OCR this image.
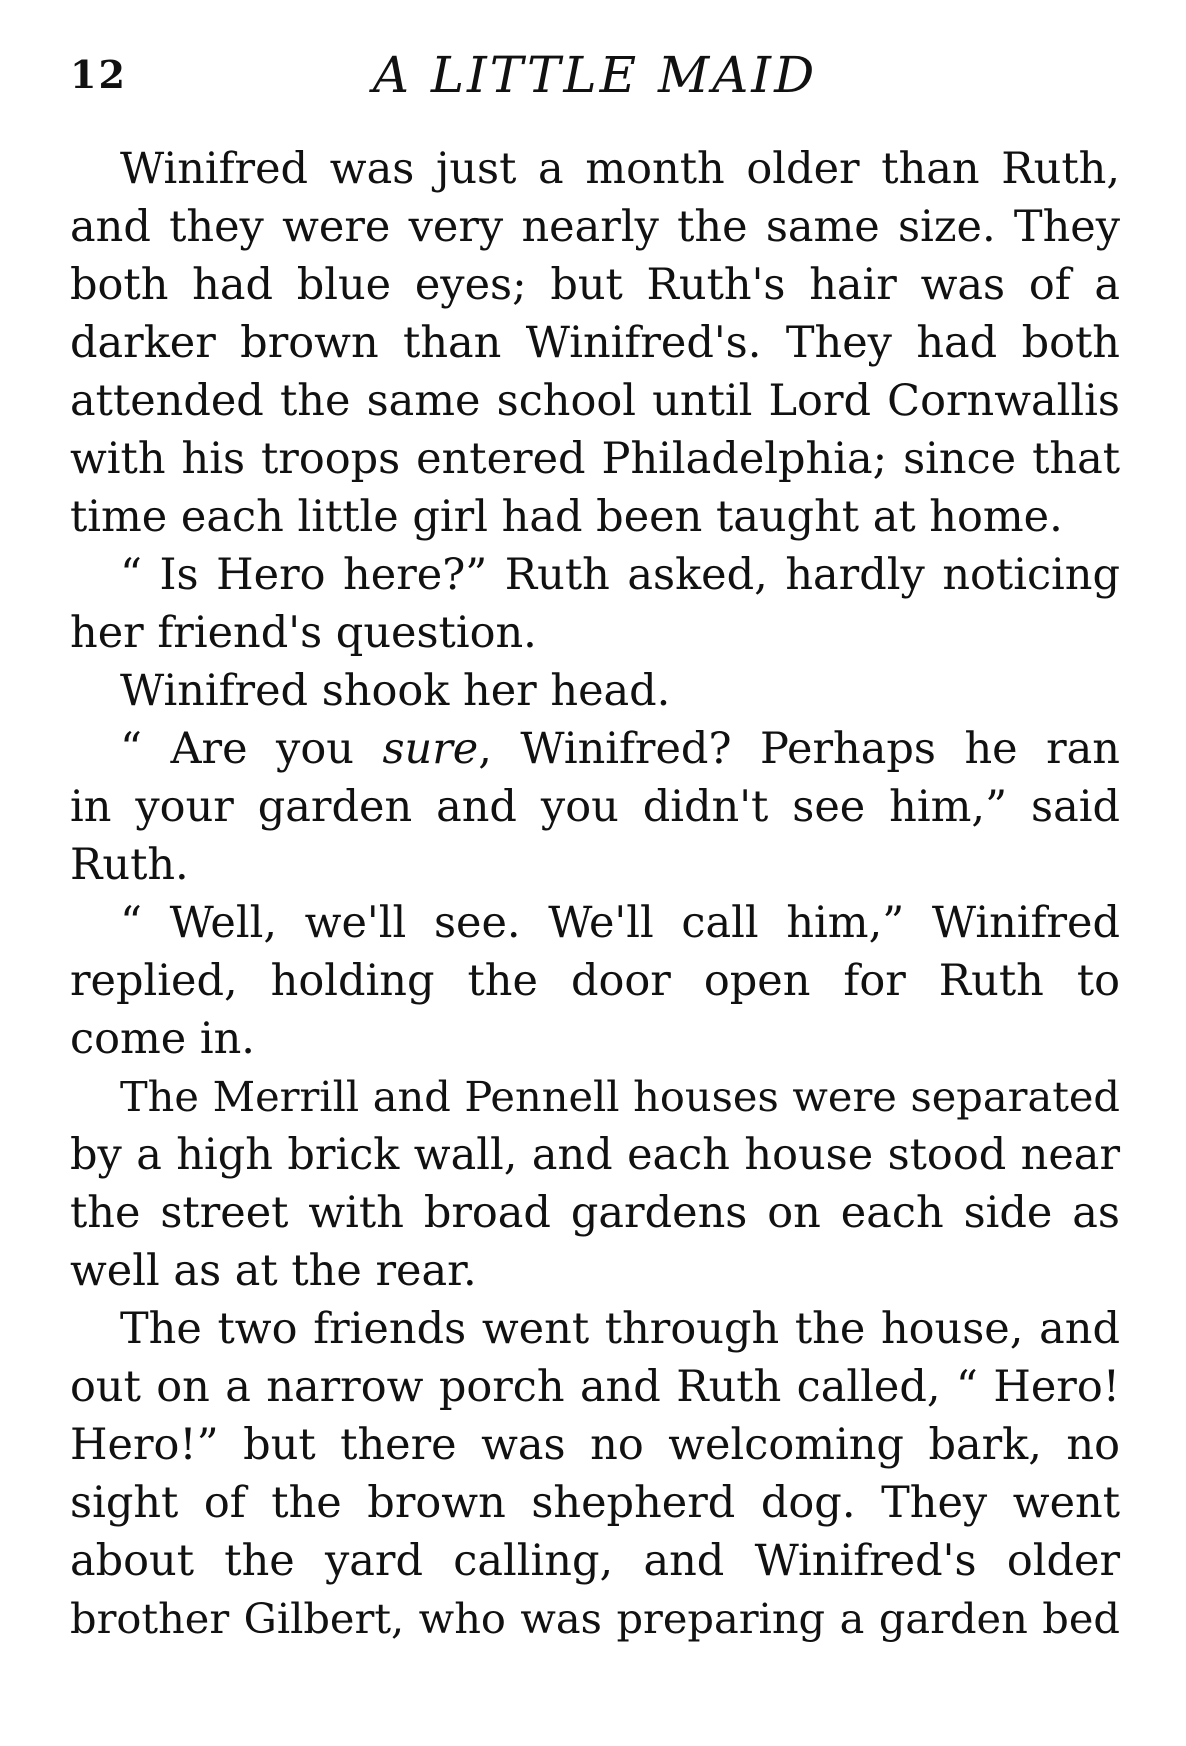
12	A LITTLE MAID
Winifred was just a month older than Ruth,
and they were very nearly the same size. They
both had blue eyes; but Ruth's hair was of a
darker brown than Winifred's. They had both
attended the same school until Lord Cornwallis
with his troops entered Philadelphia; since that
time each little girl had been taught at home.
“ Is Hero here?” Ruth asked, hardly noticing
her friend's question.
Winifred shook her head.
“ Are you sure, Winifred? Perhaps he ran
in your garden and you didn't see him,” said
Ruth.
“ Well, we'll see. We'll call him,” Winifred
replied, holding the door open for Ruth to
come in.
The Merrill and Pennell houses were separated
by a high brick wall, and each house stood near
the street with broad gardens on each side as
well as at the rear.
The two friends went through the house, and
out on a narrow porch and Ruth called, “ Hero!
Hero!” but there was no welcoming bark, no
sight of the brown shepherd dog. They went
about the yard calling, and Winifred's older
brother Gilbert, who was preparing a garden bed
